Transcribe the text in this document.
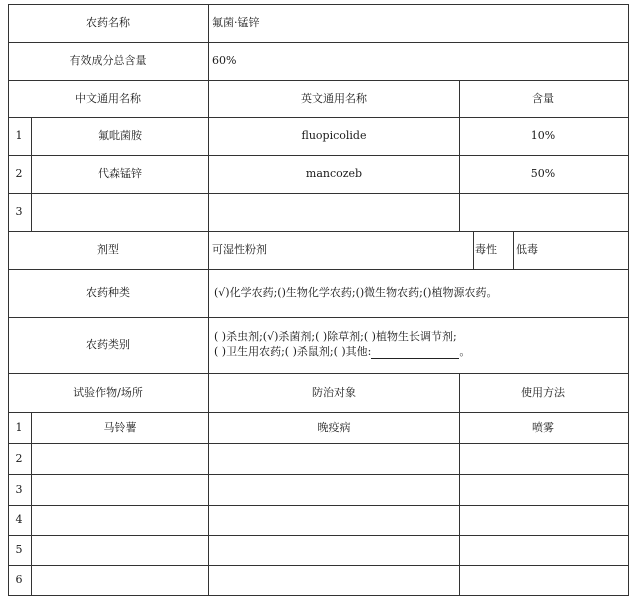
农药名称	氟菌·锰锌
有效成分总含量	60%
中文通用名称	英文通用名称	含量
1	氟吡菌胺	fluopicolide	10%
2	代森锰锌	mancozeb	50%
3
剂型	可湿性粉剂	毒性 低毒
农药种类	(√)化学农药;()生物化学农药;()微生物农药;()植物源农药。
农药类别
( )杀虫剂;(√)杀菌剂;( )除草剂;( )植物生长调节剂;
( )卫生用农药;( )杀鼠剂;( )其他:	。
试验作物/场所	防治对象	使用方法
1	马铃薯	晚疫病	喷雾
2
3
4
5
6
